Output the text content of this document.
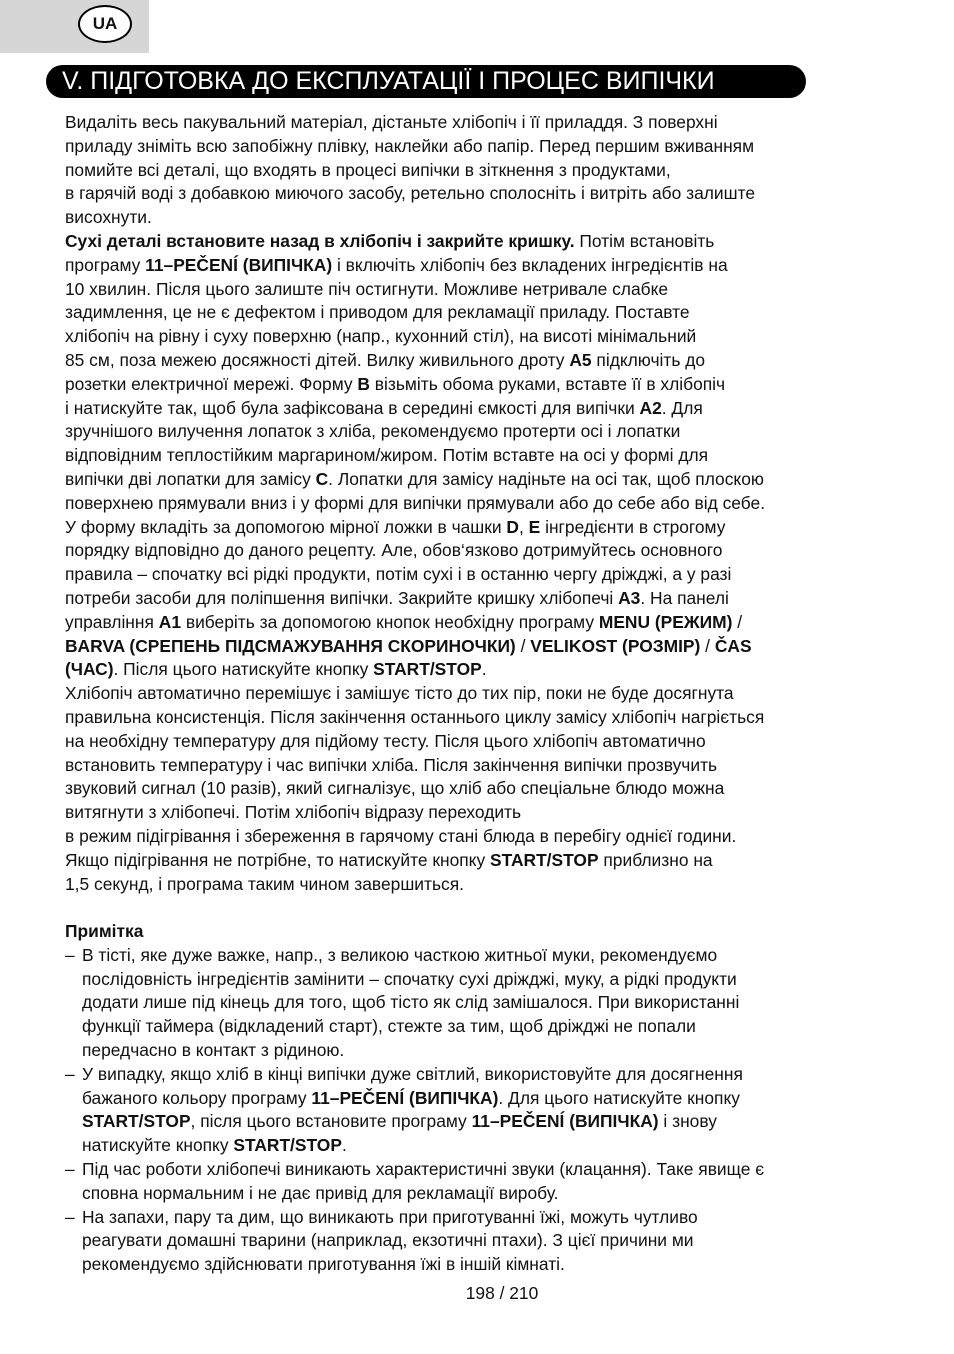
UA
V. ПІДГОТОВКА ДО ЕКСПЛУАТАЦІЇ І ПРОЦЕС ВИПІЧКИ

Видаліть весь пакувальний матеріал, дістаньте хлібопіч і її приладдя. З поверхні

приладу зніміть всю запобіжну плівку, наклейки або папір. Перед першим вживанням

помийте всі деталі, що входять в процесі випічки в зіткнення з продуктами,

в гарячій воді з добавкою миючого засобу, ретельно сполосніть і витріть або залиште

висохнути.

Сухі деталі встановите назад в хлібопіч і закрийте кришку. Потім встановіть

програму 11–PEČENÍ (ВИПІЧКА) і включіть хлібопіч без вкладених інгредієнтів на

10 хвилин. Після цього залиште піч остигнути. Можливе нетривале слабке

задимлення, це не є дефектом і приводом для рекламації приладу. Поставте

хлібопіч на рівну і суху поверхню (напр., кухонний стіл), на висоті мінімальний

85 см, поза межею досяжності дітей. Вилку живильного дроту A5 підключіть до

розетки електричної мережі. Форму B візьміть обома руками, вставте її в хлібопіч

і натискуйте так, щоб була зафіксована в середині ємкості для випічки A2. Для

зручнішого вилучення лопаток з хліба, рекомендуємо протерти осі і лопатки

відповідним теплостійким маргарином/жиром. Потім вставте на осі у формі для

випічки дві лопатки для замісу C. Лопатки для замісу надіньте на осі так, щоб плоскою

поверхнею прямували вниз і у формі для випічки прямували або до себе або від себе.

У форму вкладіть за допомогою мірної ложки в чашки D, E інгредієнти в строгому

порядку відповідно до даного рецепту. Але, обов‘язково дотримуйтесь основного

правила – спочатку всі рідкі продукти, потім сухі і в останню чергу дріжджі, а у разі

потреби засоби для поліпшення випічки. Закрийте кришку хлібопечі A3. На панелі

управління A1 виберіть за допомогою кнопок необхідну програму MENU (РЕЖИМ) /

BARVA (СРЕПЕНЬ ПІДСМАЖУВАННЯ СКОРИНОЧКИ) / VELIKOST (РОЗМІР) / ČAS

(ЧАС). Після цього натискуйте кнопку START/STOP.

Хлібопіч автоматично перемішує і замішує тісто до тих пір, поки не буде досягнута

правильна консистенція. Після закінчення останнього циклу замісу хлібопіч нагріється

на необхідну температуру для підйому тесту. Після цього хлібопіч автоматично

встановить температуру і час випічки хліба. Після закінчення випічки прозвучить

звуковий сигнал (10 разів), який сигналізує, що хліб або спеціальне блюдо можна

витягнути з хлібопечі. Потім хлібопіч відразу переходить

в режим підігрівання і збереження в гарячому стані блюда в перебігу однієї години.

Якщо підігрівання не потрібне, то натискуйте кнопку START/STOP приблизно на

1,5 секунд, і програма таким чином завершиться.

Примітка

– В тісті, яке дуже важке, напр., з великою часткою житньої муки, рекомендуємо

послідовність інгредієнтів замінити – спочатку сухі дріжджі, муку, а рідкі продукти

додати лише під кінець для того, щоб тісто як слід замішалося. При використанні

функції таймера (відкладений старт), стежте за тим, щоб дріжджі не попали

передчасно в контакт з рідиною.

– У випадку, якщо хліб в кінці випічки дуже світлий, використовуйте для досягнення

бажаного кольору програму 11–PEČENÍ (ВИПІЧКА). Для цього натискуйте кнопку

START/STOP, після цього встановите програму 11–PEČENÍ (ВИПІЧКА) і знову

натискуйте кнопку START/STOP.

– Під час роботи хлібопечі виникають характеристичні звуки (клацання). Таке явище є

сповна нормальним і не дає привід для рекламації виробу.

– На запахи, пару та дим, що виникають при приготуванні їжі, можуть чутливо

реагувати домашні тварини (наприклад, екзотичні птахи). З цієї причини ми

рекомендуємо здійснювати приготування їжі в іншій кімнаті.

198 / 210
